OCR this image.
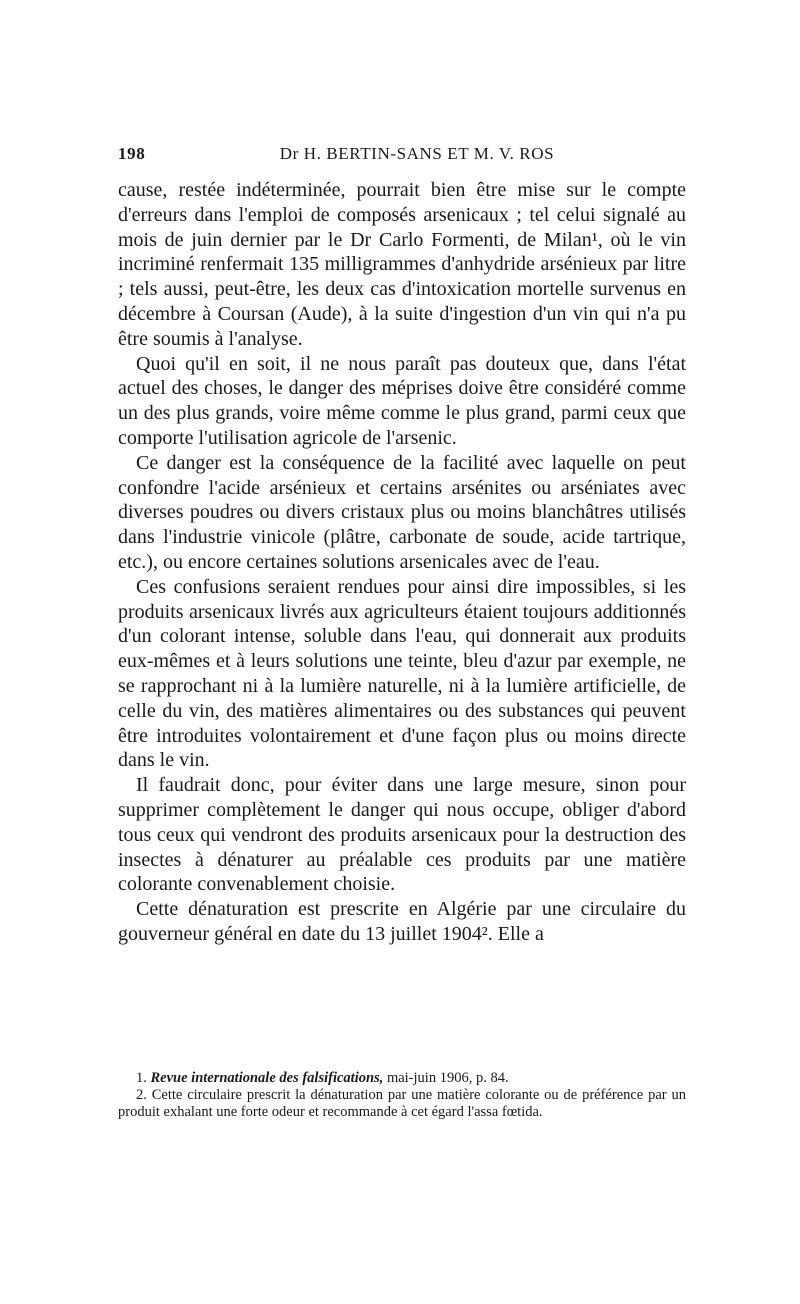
198	Dr H. BERTIN-SANS ET M. V. ROS

cause, restée indéterminée, pourrait bien être mise sur le compte d'erreurs dans l'emploi de composés arsenicaux ; tel celui signalé au mois de juin dernier par le Dr Carlo Formenti, de Milan¹, où le vin incriminé renfermait 135 milligrammes d'anhydride arsénieux par litre ; tels aussi, peut-être, les deux cas d'intoxication mortelle survenus en décembre à Coursan (Aude), à la suite d'ingestion d'un vin qui n'a pu être soumis à l'analyse.

Quoi qu'il en soit, il ne nous paraît pas douteux que, dans l'état actuel des choses, le danger des méprises doive être considéré comme un des plus grands, voire même comme le plus grand, parmi ceux que comporte l'utilisation agricole de l'arsenic.

Ce danger est la conséquence de la facilité avec laquelle on peut confondre l'acide arsénieux et certains arsénites ou arséniates avec diverses poudres ou divers cristaux plus ou moins blanchâtres utilisés dans l'industrie vinicole (plâtre, carbonate de soude, acide tartrique, etc.), ou encore certaines solutions arsenicales avec de l'eau.

Ces confusions seraient rendues pour ainsi dire impossibles, si les produits arsenicaux livrés aux agriculteurs étaient toujours additionnés d'un colorant intense, soluble dans l'eau, qui donnerait aux produits eux-mêmes et à leurs solutions une teinte, bleu d'azur par exemple, ne se rapprochant ni à la lumière naturelle, ni à la lumière artificielle, de celle du vin, des matières alimentaires ou des substances qui peuvent être introduites volontairement et d'une façon plus ou moins directe dans le vin.

Il faudrait donc, pour éviter dans une large mesure, sinon pour supprimer complètement le danger qui nous occupe, obliger d'abord tous ceux qui vendront des produits arsenicaux pour la destruction des insectes à dénaturer au préalable ces produits par une matière colorante convenablement choisie.

Cette dénaturation est prescrite en Algérie par une circulaire du gouverneur général en date du 13 juillet 1904². Elle a

1. Revue internationale des falsifications, mai-juin 1906, p. 84.

2. Cette circulaire prescrit la dénaturation par une matière colorante ou de préférence par un produit exhalant une forte odeur et recommande à cet égard l'assa fœtida.
